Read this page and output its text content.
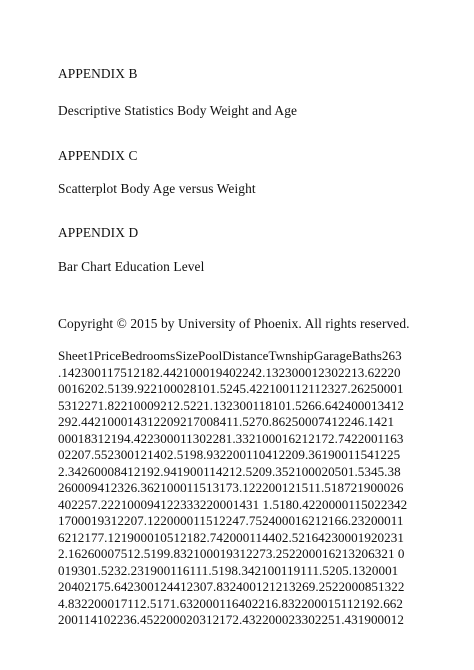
APPENDIX B
Descriptive Statistics Body Weight and Age
APPENDIX C
Scatterplot Body Age versus Weight
APPENDIX D
Bar Chart Education Level
Copyright © 2015 by University of Phoenix. All rights reserved.
Sheet1PriceBedroomsSizePoolDistanceTwnshipGarageBaths263
.142300117512182.442100019402242.132300012302213.62220
0016202.5139.922100028101.5245.422100112112327.26250001
5312271.82210009212.5221.132300118101.5266.642400013412
292.442100014312209217008411.5270.86250007412246.1421
00018312194.422300011302281.332100016212172.7422001163
02207.552300121402.5198.932200110412209.36190011541225
2.34260008412192.941900114212.5209.352100020501.5345.38
260009412326.362100011513173.122200121511.518721900026
402257.222100094122333220001431 1.5180.4220000115022342
1700019312207.122000011512247.752400016212166.23200011
6212177.121900010512182.742000114402.52164230001920231
2.16260007512.5199.832100019312273.252200016213206321 0
019301.5232.231900116111.5198.342100119111.5205.1320001
20402175.642300124412307.832400121213269.2522000851322
4.832200017112.5171.632000116402216.832200015112192.662
200114102236.452200020312172.432200023302251.431900012
